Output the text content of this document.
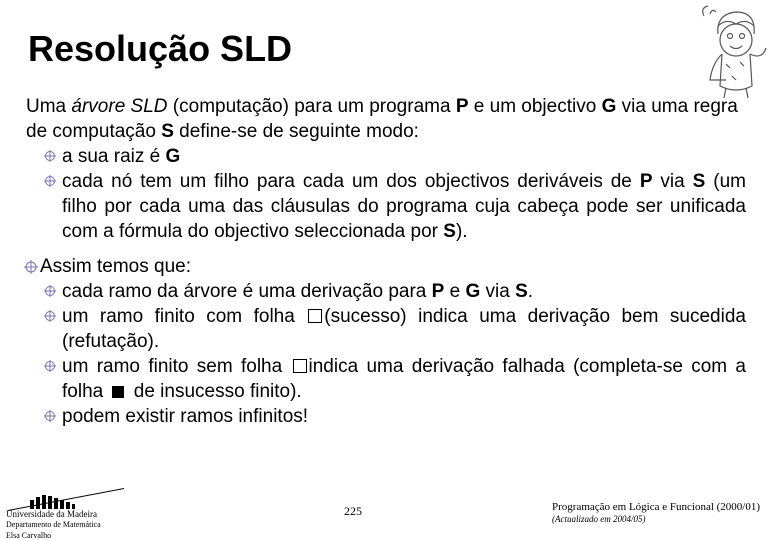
Resolução SLD

Uma árvore SLD (computação) para um programa P e um objectivo G via uma regra de computação S define-se de seguinte modo:

a sua raiz é G
cada nó tem um filho para cada um dos objectivos deriváveis de P via S (um filho por cada uma das cláusulas do programa cuja cabeça pode ser unificada com a fórmula do objectivo seleccionada por S).
Assim temos que:
cada ramo da árvore é uma derivação para P e G via S.
um ramo finito com folha (sucesso) indica uma derivação bem sucedida (refutação).
um ramo finito sem folha indica uma derivação falhada (completa-se com a folha  de insucesso finito).
podem existir ramos infinitos!
Universidade da Madeira
Departamento de Matemática
Elsa Carvalho
225	Programação em Lógica e Funcional (2000/01)
(Actualizado em 2004/05)
